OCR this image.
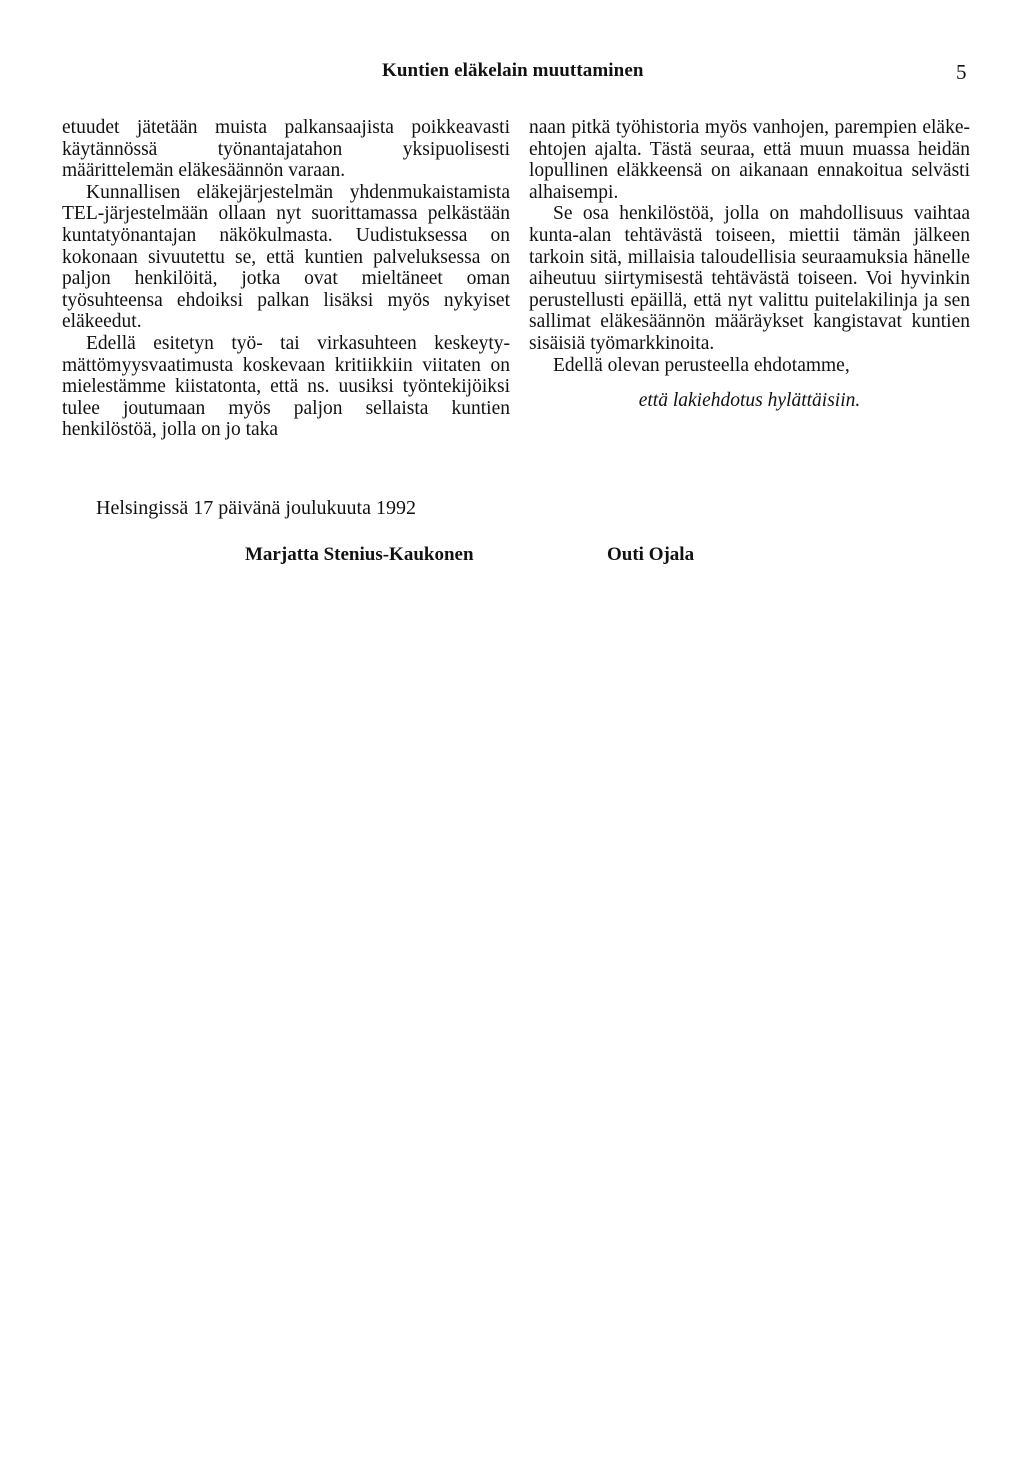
Kuntien eläkelain muuttaminen	5

etuudet jätetään muista palkansaajista poikkeavasti käytännössä työnantajatahon yksipuolisesti määrittelemän eläkesäännön varaan.

Kunnallisen eläkejärjestelmän yhdenmukaistamista TEL-järjestelmään ollaan nyt suorittamassa pelkästään kuntatyönantajan näkökulmasta. Uudistuksessa on kokonaan sivuutettu se, että kuntien palveluksessa on paljon henkilöitä, jotka ovat mieltäneet oman työsuhteensa ehdoiksi palkan lisäksi myös nykyiset eläkeedut.

Edellä esitetyn työ- tai virkasuhteen keskeytymättömyysvaatimusta koskevaan kritiikkiin viitaten on mielestämme kiistatonta, että ns. uusiksi työntekijöiksi tulee joutumaan myös paljon sellaista kuntien henkilöstöä, jolla on jo taka

naan pitkä työhistoria myös vanhojen, parempien eläke-ehtojen ajalta. Tästä seuraa, että muun muassa heidän lopullinen eläkkeensä on aikanaan ennakoitua selvästi alhaisempi.

Se osa henkilöstöä, jolla on mahdollisuus vaihtaa kunta-alan tehtävästä toiseen, miettii tämän jälkeen tarkoin sitä, millaisia taloudellisia seuraamuksia hänelle aiheutuu siirtymisestä tehtävästä toiseen. Voi hyvinkin perustellusti epäillä, että nyt valittu puitelakilinja ja sen sallimat eläkesäännön määräykset kangistavat kuntien sisäisiä työmarkkinoita.

Edellä olevan perusteella ehdotamme,

että lakiehdotus hylättäisiin.
Helsingissä 17 päivänä joulukuuta 1992
Marjatta Stenius-Kaukonen	Outi Ojala
